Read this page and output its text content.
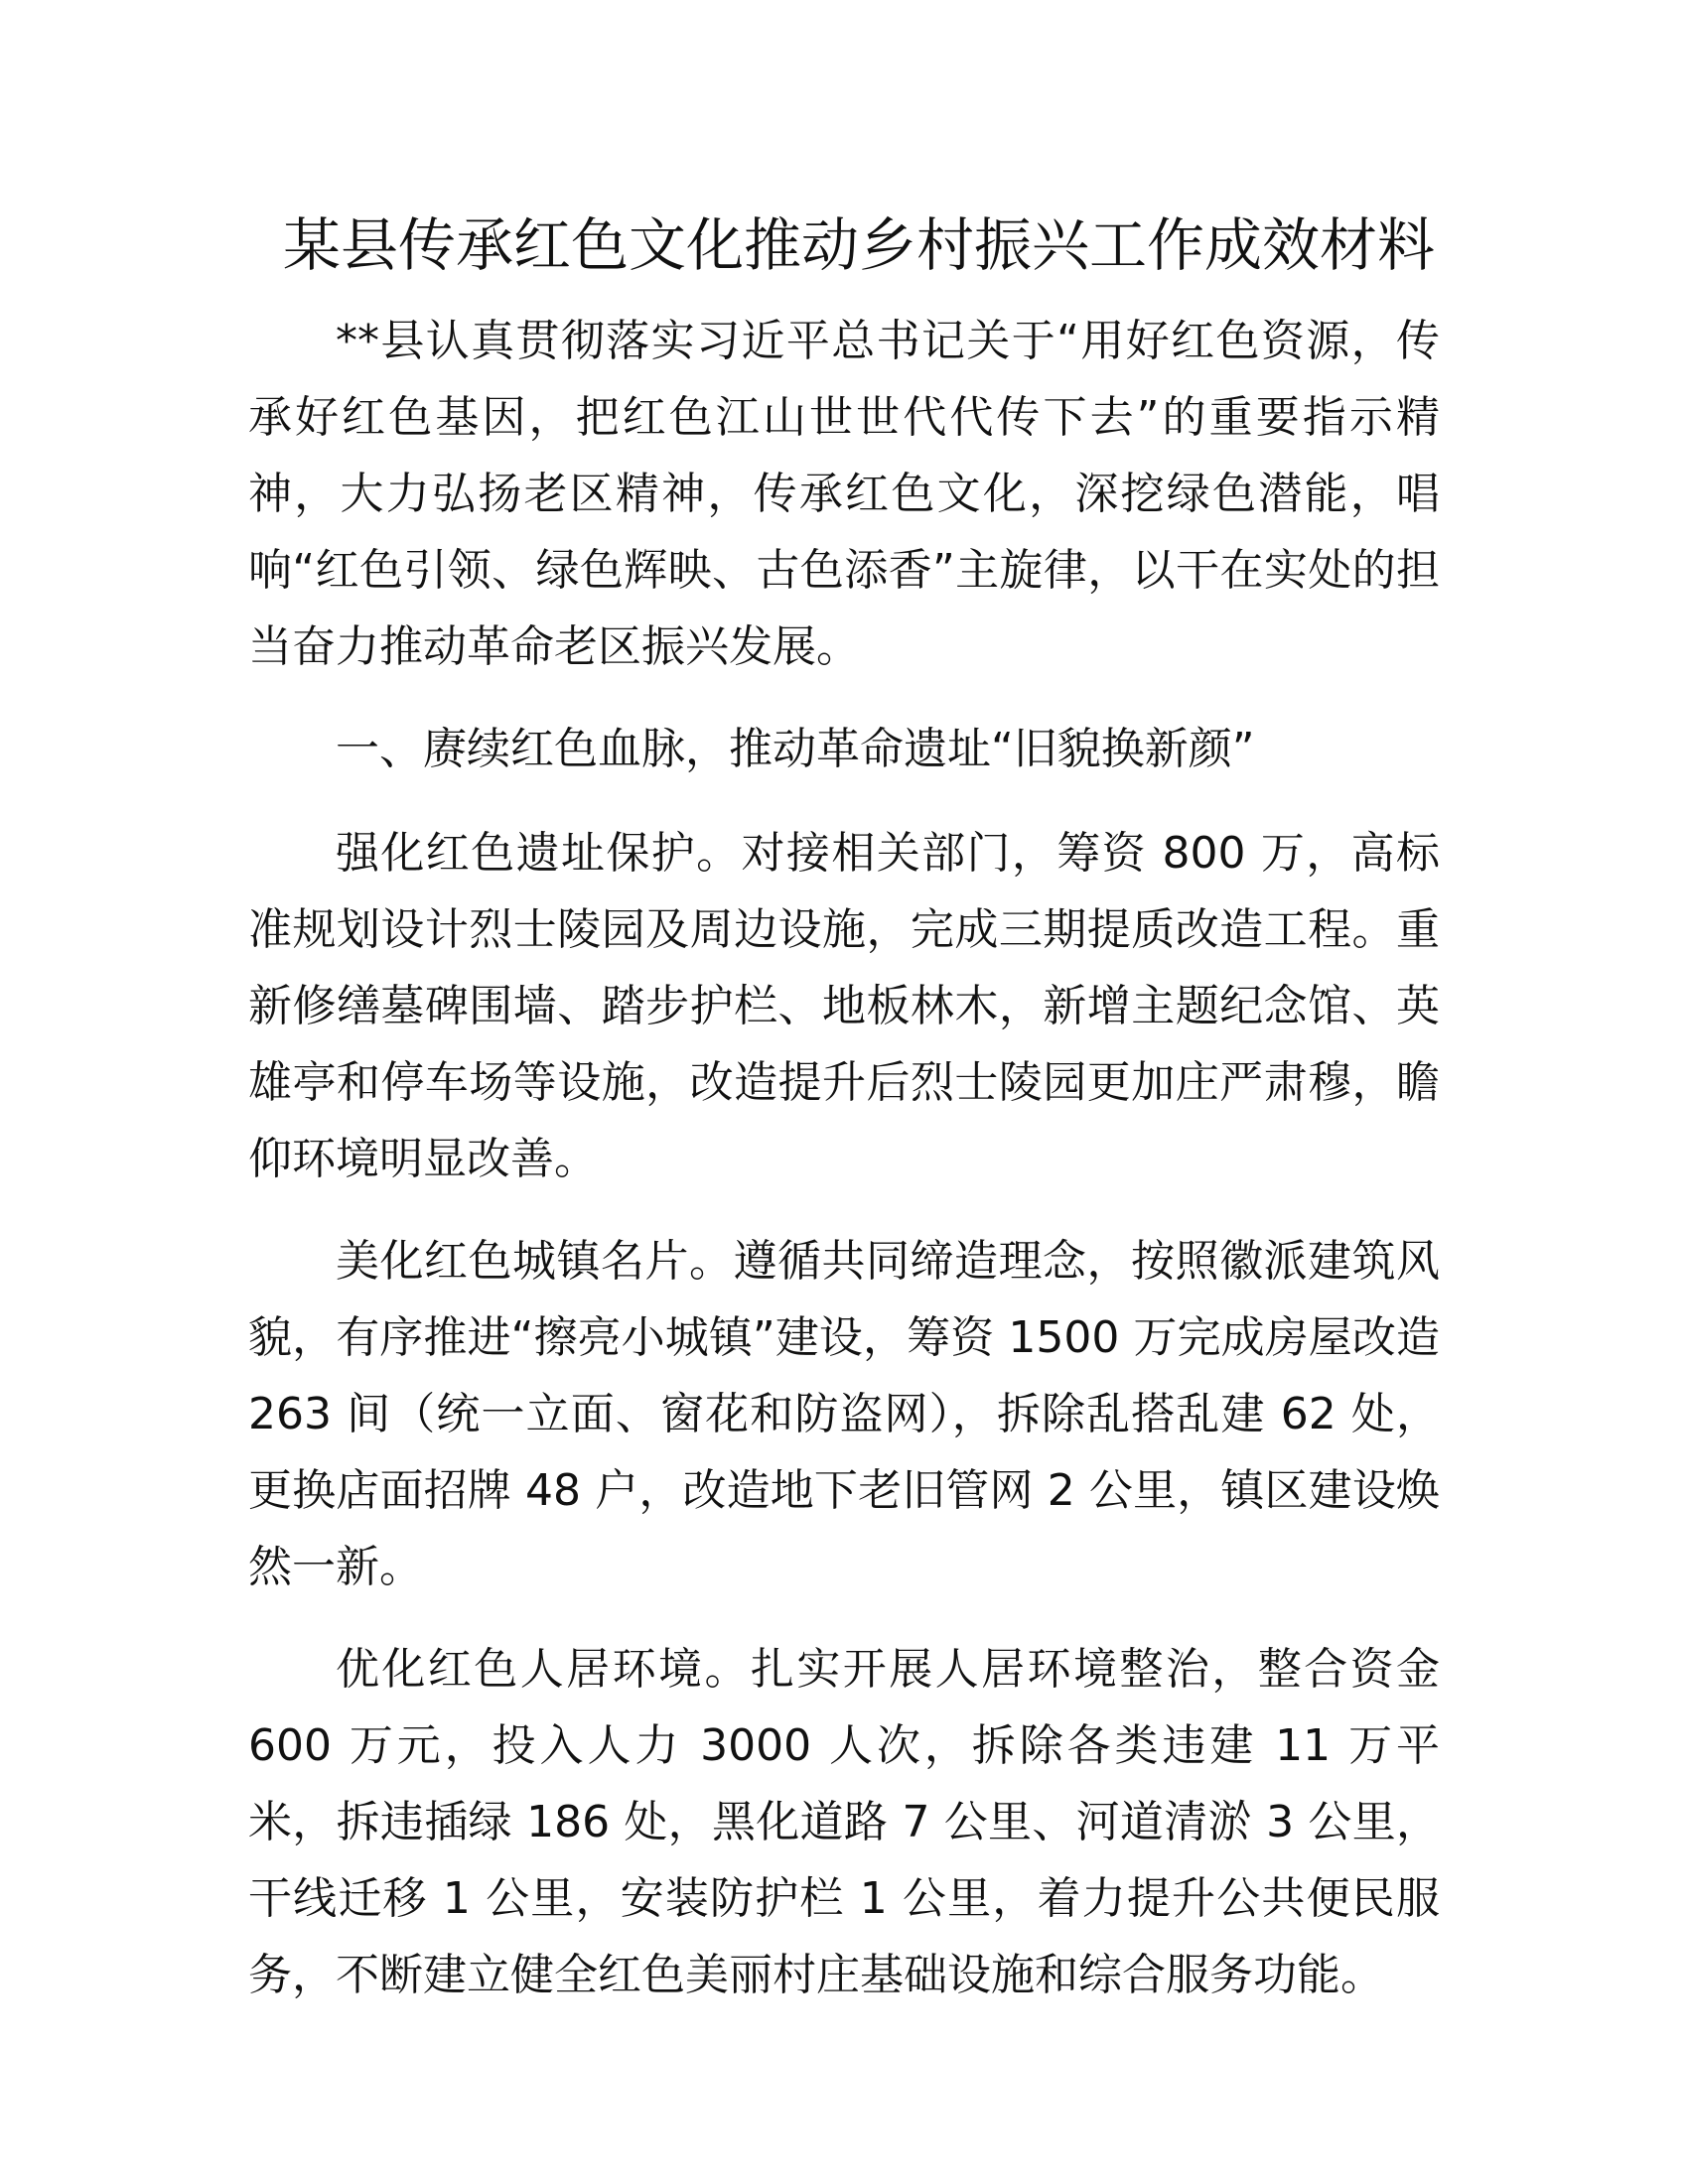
某县传承红色文化推动乡村振兴工作成效材料

**县认真贯彻落实习近平总书记关于“用好红色资源，传承好红色基因，把红色江山世世代代传下去”的重要指示精神，大力弘扬老区精神，传承红色文化，深挖绿色潜能，唱响“红色引领、绿色辉映、古色添香”主旋律，以干在实处的担当奋力推动革命老区振兴发展。

一、赓续红色血脉，推动革命遗址“旧貌换新颜”

强化红色遗址保护。对接相关部门，筹资 800 万，高标准规划设计烈士陵园及周边设施，完成三期提质改造工程。重新修缮墓碑围墙、踏步护栏、地板林木，新增主题纪念馆、英雄亭和停车场等设施，改造提升后烈士陵园更加庄严肃穆，瞻仰环境明显改善。

美化红色城镇名片。遵循共同缔造理念，按照徽派建筑风貌，有序推进“擦亮小城镇”建设，筹资 1500 万完成房屋改造 263 间（统一立面、窗花和防盗网），拆除乱搭乱建 62 处，更换店面招牌 48 户，改造地下老旧管网 2 公里，镇区建设焕然一新。

优化红色人居环境。扎实开展人居环境整治，整合资金 600 万元，投入人力 3000 人次，拆除各类违建 11 万平米，拆违插绿 186 处，黑化道路 7 公里、河道清淤 3 公里，干线迁移 1 公里，安装防护栏 1 公里，着力提升公共便民服务，不断建立健全红色美丽村庄基础设施和综合服务功能。
